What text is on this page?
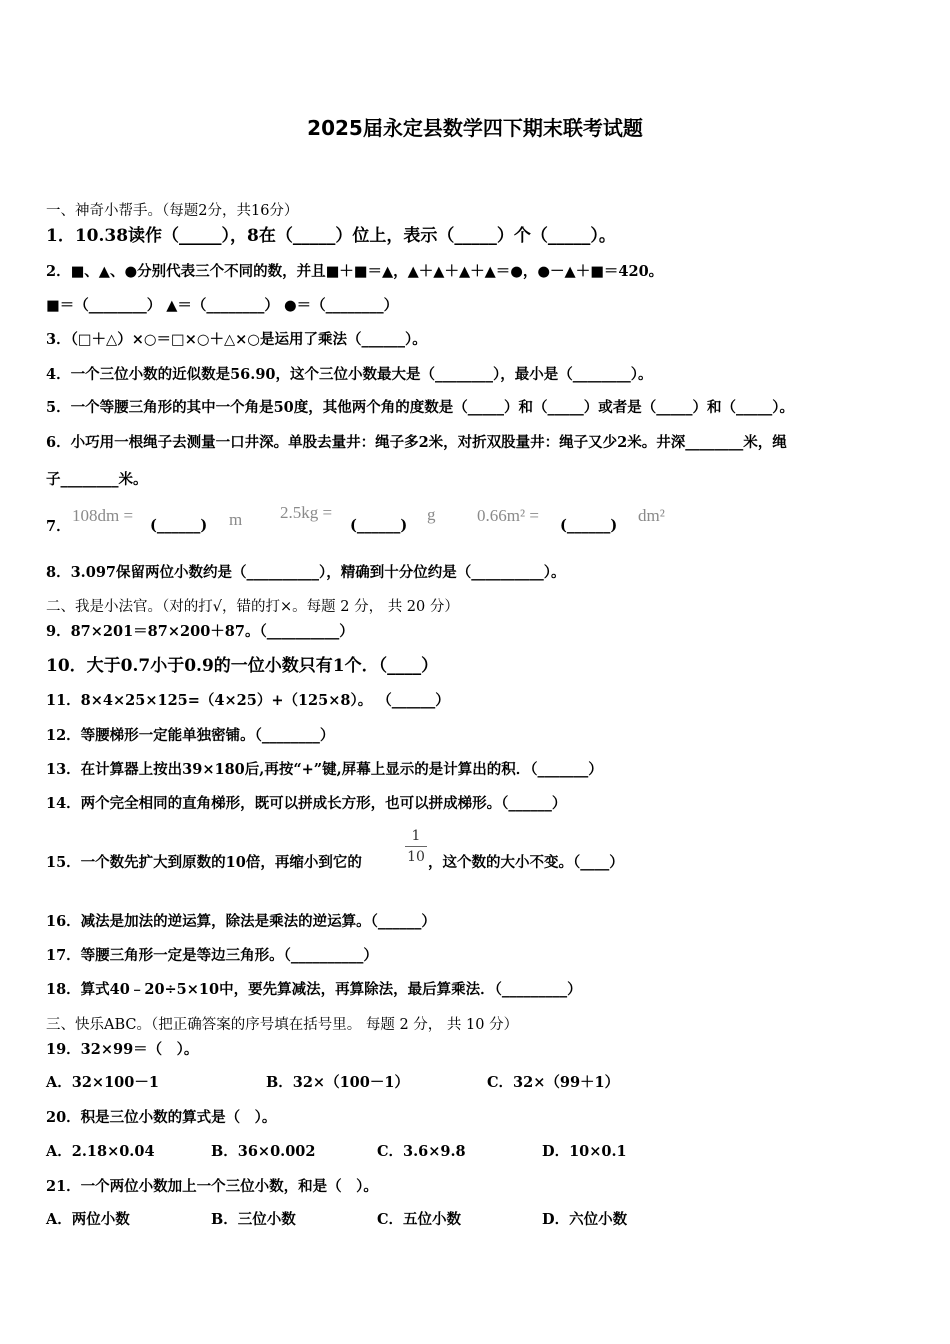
2025届永定县数学四下期末联考试题
一、神奇小帮手。（每题2分，共16分）
1．10.38读作（_____），8在（_____）位上，表示（_____）个（_____）。
2．■、▲、●分别代表三个不同的数，并且■＋■＝▲，▲＋▲＋▲＋▲＝●，●－▲＋■＝420。
■＝（________） ▲＝（________） ●＝（________）
3．（□＋△）×○＝□×○＋△×○是运用了乘法（______）。
4．一个三位小数的近似数是56.90，这个三位小数最大是（________），最小是（________）。
5．一个等腰三角形的其中一个角是50度，其他两个角的度数是（_____）和（_____）或者是（_____）和（_____）。
6．小巧用一根绳子去测量一口井深。单股去量井：绳子多2米，对折双股量井：绳子又少2米。井深________米，绳
子________米。
7．
108dm =
(______) m 2.5kg =
(______)
g 0.66m² =
(______)
dm²
8．3.097保留两位小数约是（__________），精确到十分位约是（__________）。
二、我是小法官。（对的打√，错的打×。每题 2 分， 共 20 分）
9．87×201＝87×200＋87。（__________）
10．大于0.7小于0.9的一位小数只有1个．（____）
11．8×4×25×125=（4×25）+（125×8）。 （______）
12．等腰梯形一定能单独密铺。（________）
13．在计算器上按出39×180后,再按“+”键,屏幕上显示的是计算出的积．（_______）
14．两个完全相同的直角梯形，既可以拼成长方形，也可以拼成梯形。（______）
15．一个数先扩大到原数的10倍，再缩小到它的
1
10 ，这个数的大小不变。（____）
16．减法是加法的逆运算，除法是乘法的逆运算。（______）
17．等腰三角形一定是等边三角形。（__________）
18．算式40﹣20÷5×10中，要先算减法，再算除法，最后算乘法．（_________）
三、快乐ABC。（把正确答案的序号填在括号里。 每题 2 分， 共 10 分）
19．32×99＝（　）。
A．32×100－1	B．32×（100－1）	C．32×（99＋1）
20．积是三位小数的算式是（　）。
A．2.18×0.04	B．36×0.002	C．3.6×9.8	D．10×0.1
21．一个两位小数加上一个三位小数，和是（　）。
A．两位小数	B．三位小数	C．五位小数	D．六位小数
